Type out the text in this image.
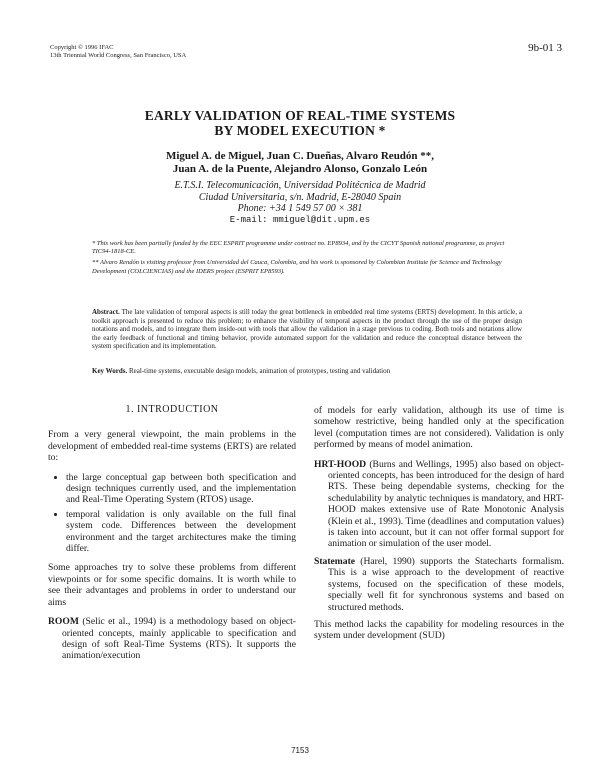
Copyright © 1996 IFAC
13th Triennial World Congress, San Francisco, USA
9b-01 3
EARLY VALIDATION OF REAL-TIME SYSTEMS
BY MODEL EXECUTION *
Miguel A. de Miguel, Juan C. Dueñas, Alvaro Reudón **,
Juan A. de la Puente, Alejandro Alonso, Gonzalo León
E.T.S.I. Telecomunicación, Universidad Politécnica de Madrid
Ciudad Universitaria, s/n. Madrid, E-28040 Spain
Phone: +34 1 549 57 00 × 381
E-mail: mmiguel@dit.upm.es

* This work has been partially funded by the EEC ESPRIT programme under contract no. EP8934, and by the CICYT Spanish national programme, as project TIC94-1818-CE.

** Alvaro Rendón is visiting professor from Universidad del Cauca, Colombia, and his work is sponsored by Colombian Institute for Science and Technology Development (COLCIENCIAS) and the IDERS project (ESPRIT EP8593).

Abstract. The late validation of temporal aspects is still today the great bottleneck in embedded real time systems (ERTS) development. In this article, a toolkit approach is presented to reduce this problem; to enhance the visibility of temporal aspects in the product through the use of the proper design notations and models, and to integrate them inside-out with tools that allow the validation in a stage previous to coding. Both tools and notations allow the early feedback of functional and timing behavior, provide automated support for the validation and reduce the conceptual distance between the system specification and its implementation.
Key Words. Real-time systems, executable design models, animation of prototypes, testing and validation
1. INTRODUCTION

From a very general viewpoint, the main problems in the development of embedded real-time systems (ERTS) are related to:

• the large conceptual gap between both specification and design techniques currently used, and the implementation and Real-Time Operating System (RTOS) usage.
• temporal validation is only available on the full final system code. Differences between the development environment and the target architectures make the timing differ.

Some approaches try to solve these problems from different viewpoints or for some specific domains. It is worth while to see their advantages and problems in order to understand our aims

ROOM (Selic et al., 1994) is a methodology based on object-oriented concepts, mainly applicable to specification and design of soft Real-Time Systems (RTS). It supports the animation/execution

of models for early validation, although its use of time is somehow restrictive, being handled only at the specification level (computation times are not considered). Validation is only performed by means of model animation.

HRT-HOOD (Burns and Wellings, 1995) also based on object-oriented concepts, has been introduced for the design of hard RTS. These being dependable systems, checking for the schedulability by analytic techniques is mandatory, and HRT-HOOD makes extensive use of Rate Monotonic Analysis (Klein et al., 1993). Time (deadlines and computation values) is taken into account, but it can not offer formal support for animation or simulation of the user model.
Statemate (Harel, 1990) supports the Statecharts formalism. This is a wise approach to the development of reactive systems, focused on the specification of these models, specially well fit for synchronous systems and based on structured methods.

This method lacks the capability for modeling resources in the system under development (SUD)

7153
